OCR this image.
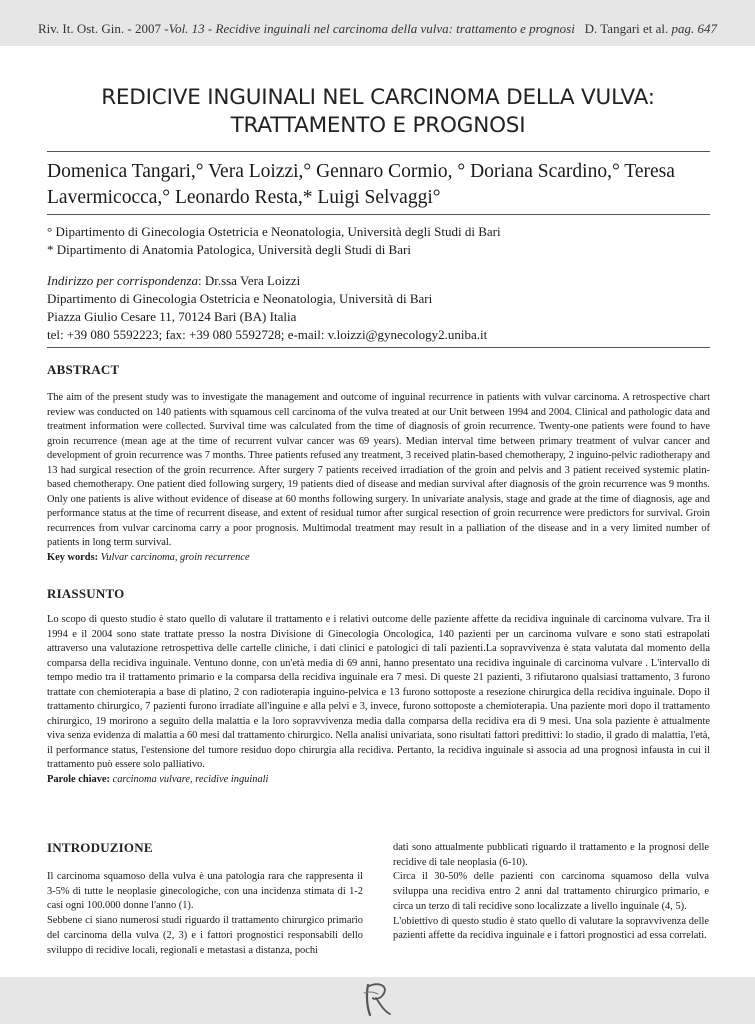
Riv. It. Ost. Gin. - 2007 -Vol. 13 - Recidive inguinali nel carcinoma della vulva: trattamento e prognosi D. Tangari et al. pag. 647
REDICIVE INGUINALI NEL CARCINOMA DELLA VULVA:
TRATTAMENTO E PROGNOSI
Domenica Tangari,° Vera Loizzi,° Gennaro Cormio, ° Doriana Scardino,° Teresa
Lavermicocca,° Leonardo Resta,* Luigi Selvaggi°
° Dipartimento di Ginecologia Ostetricia e Neonatologia, Università degli Studi di Bari
* Dipartimento di Anatomia Patologica, Università degli Studi di Bari
Indirizzo per corrispondenza: Dr.ssa Vera Loizzi
Dipartimento di Ginecologia Ostetricia e Neonatologia, Università di Bari
Piazza Giulio Cesare 11, 70124 Bari (BA) Italia
tel: +39 080 5592223; fax: +39 080 5592728; e-mail: v.loizzi@gynecology2.uniba.it
ABSTRACT
The aim of the present study was to investigate the management and outcome of inguinal recurrence in patients with vulvar carcinoma. A retrospective chart review was conducted on 140 patients with squamous cell carcinoma of the vulva treated at our Unit between 1994 and 2004. Clinical and pathologic data and treatment information were collected. Survival time was calculated from the time of diagnosis of groin recurrence. Twenty-one patients were found to have groin recurrence (mean age at the time of recurrent vulvar cancer was 69 years). Median interval time between primary treatment of vulvar cancer and development of groin recurrence was 7 months. Three patients refused any treatment, 3 received platin-based chemotherapy, 2 inguino-pelvic radiotherapy and 13 had surgical resection of the groin recurrence. After surgery 7 patients received irradiation of the groin and pelvis and 3 patient received systemic platin-based chemotherapy. One patient died following surgery, 19 patients died of disease and median survival after diagnosis of the groin recurrence was 9 months. Only one patients is alive without evidence of disease at 60 months following surgery. In univariate analysis, stage and grade at the time of diagnosis, age and performance status at the time of recurrent disease, and extent of residual tumor after surgical resection of groin recurrence were predictors for survival. Groin recurrences from vulvar carcinoma carry a poor prognosis. Multimodal treatment may result in a palliation of the disease and in a very limited number of patients in long term survival.
Key words: Vulvar carcinoma, groin recurrence
RIASSUNTO
Lo scopo di questo studio è stato quello di valutare il trattamento e i relativi outcome delle paziente affette da recidiva inguinale di carcinoma vulvare. Tra il 1994 e il 2004 sono state trattate presso la nostra Divisione di Ginecologia Oncologica, 140 pazienti per un carcinoma vulvare e sono stati estrapolati attraverso una valutazione retrospettiva delle cartelle cliniche, i dati clinici e patologici di tali pazienti.La sopravvivenza è stata valutata dal momento della comparsa della recidiva inguinale. Ventuno donne, con un'età media di 69 anni, hanno presentato una recidiva inguinale di carcinoma vulvare . L'intervallo di tempo medio tra il trattamento primario e la comparsa della recidiva inguinale era 7 mesi. Di queste 21 pazienti, 3 rifiutarono qualsiasi trattamento, 3 furono trattate con chemioterapia a base di platino, 2 con radioterapia inguino-pelvica e 13 furono sottoposte a resezione chirurgica della recidiva inguinale. Dopo il trattamento chirurgico, 7 pazienti furono irradiate all'inguine e alla pelvi e 3, invece, furono sottoposte a chemioterapia. Una paziente morì dopo il trattamento chirurgico, 19 morirono a seguito della malattia e la loro sopravvivenza media dalla comparsa della recidiva era di 9 mesi. Una sola paziente è attualmente viva senza evidenza di malattia a 60 mesi dal trattamento chirurgico. Nella analisi univariata, sono risultati fattori predittivi: lo stadio, il grado di malattia, l'età, il performance status, l'estensione del tumore residuo dopo chirurgia alla recidiva. Pertanto, la recidiva inguinale si associa ad una prognosi infausta in cui il trattamento può essere solo palliativo.
Parole chiave: carcinoma vulvare, recidive inguinali
INTRODUZIONE

Il carcinoma squamoso della vulva è una patologia rara che rappresenta il 3-5% di tutte le neoplasie ginecologiche, con una incidenza stimata di 1-2 casi ogni 100.000 donne l'anno (1).

Sebbene ci siano numerosi studi riguardo il trattamento chirurgico primario del carcinoma della vulva (2, 3) e i fattori prognostici responsabili dello sviluppo di recidive locali, regionali e metastasi a distanza, pochi

dati sono attualmente pubblicati riguardo il trattamento e la prognosi delle recidive di tale neoplasia (6-10).

Circa il 30-50% delle pazienti con carcinoma squamoso della vulva sviluppa una recidiva entro 2 anni dal trattamento chirurgico primario, e circa un terzo di tali recidive sono localizzate a livello inguinale (4, 5).

L'obiettivo di questo studio è stato quello di valutare la sopravvivenza delle pazienti affette da recidiva inguinale e i fattori prognostici ad essa correlati.
